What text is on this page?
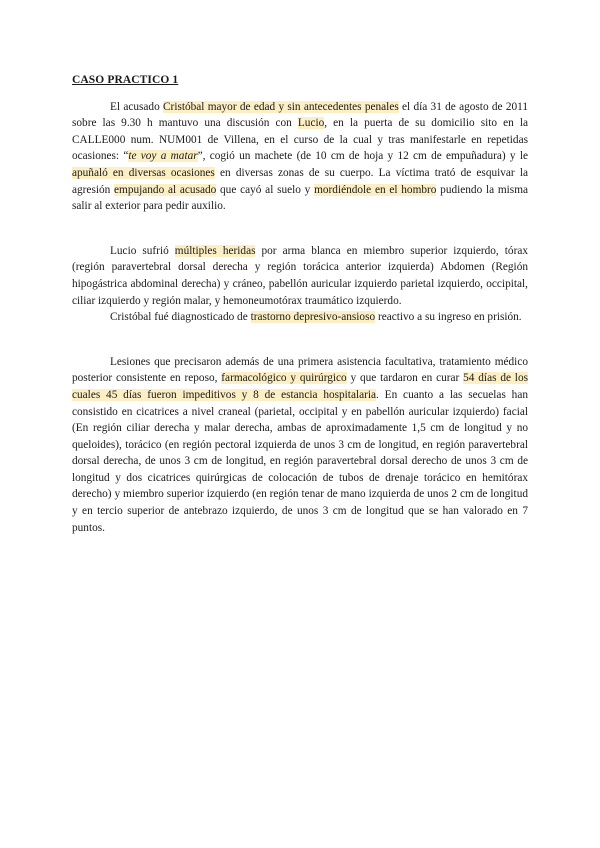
CASO PRACTICO 1

El acusado Cristóbal mayor de edad y sin antecedentes penales el día 31 de agosto de 2011 sobre las 9.30 h mantuvo una discusión con Lucio, en la puerta de su domicilio sito en la CALLE000 num. NUM001 de Villena, en el curso de la cual y tras manifestarle en repetidas ocasiones: “te voy a matar”, cogió un machete (de 10 cm de hoja y 12 cm de empuñadura) y le apuñaló en diversas ocasiones en diversas zonas de su cuerpo. La víctima trató de esquivar la agresión empujando al acusado que cayó al suelo y mordiéndole en el hombro pudiendo la misma salir al exterior para pedir auxilio.

Lucio sufrió múltiples heridas por arma blanca en miembro superior izquierdo, tórax (región paravertebral dorsal derecha y región torácica anterior izquierda) Abdomen (Región hipogástrica abdominal derecha) y cráneo, pabellón auricular izquierdo parietal izquierdo, occipital, ciliar izquierdo y región malar, y hemoneumotórax traumático izquierdo.

Cristóbal fué diagnosticado de trastorno depresivo-ansioso reactivo a su ingreso en prisión.

Lesiones que precisaron además de una primera asistencia facultativa, tratamiento médico posterior consistente en reposo, farmacológico y quirúrgico y que tardaron en curar 54 días de los cuales 45 días fueron impeditivos y 8 de estancia hospitalaria. En cuanto a las secuelas han consistido en cicatrices a nivel craneal (parietal, occipital y en pabellón auricular izquierdo) facial (En región ciliar derecha y malar derecha, ambas de aproximadamente 1,5 cm de longitud y no queloides), torácico (en región pectoral izquierda de unos 3 cm de longitud, en región paravertebral dorsal derecha, de unos 3 cm de longitud, en región paravertebral dorsal derecho de unos 3 cm de longitud y dos cicatrices quirúrgicas de colocación de tubos de drenaje torácico en hemitórax derecho) y miembro superior izquierdo (en región tenar de mano izquierda de unos 2 cm de longitud y en tercio superior de antebrazo izquierdo, de unos 3 cm de longitud que se han valorado en 7 puntos.
